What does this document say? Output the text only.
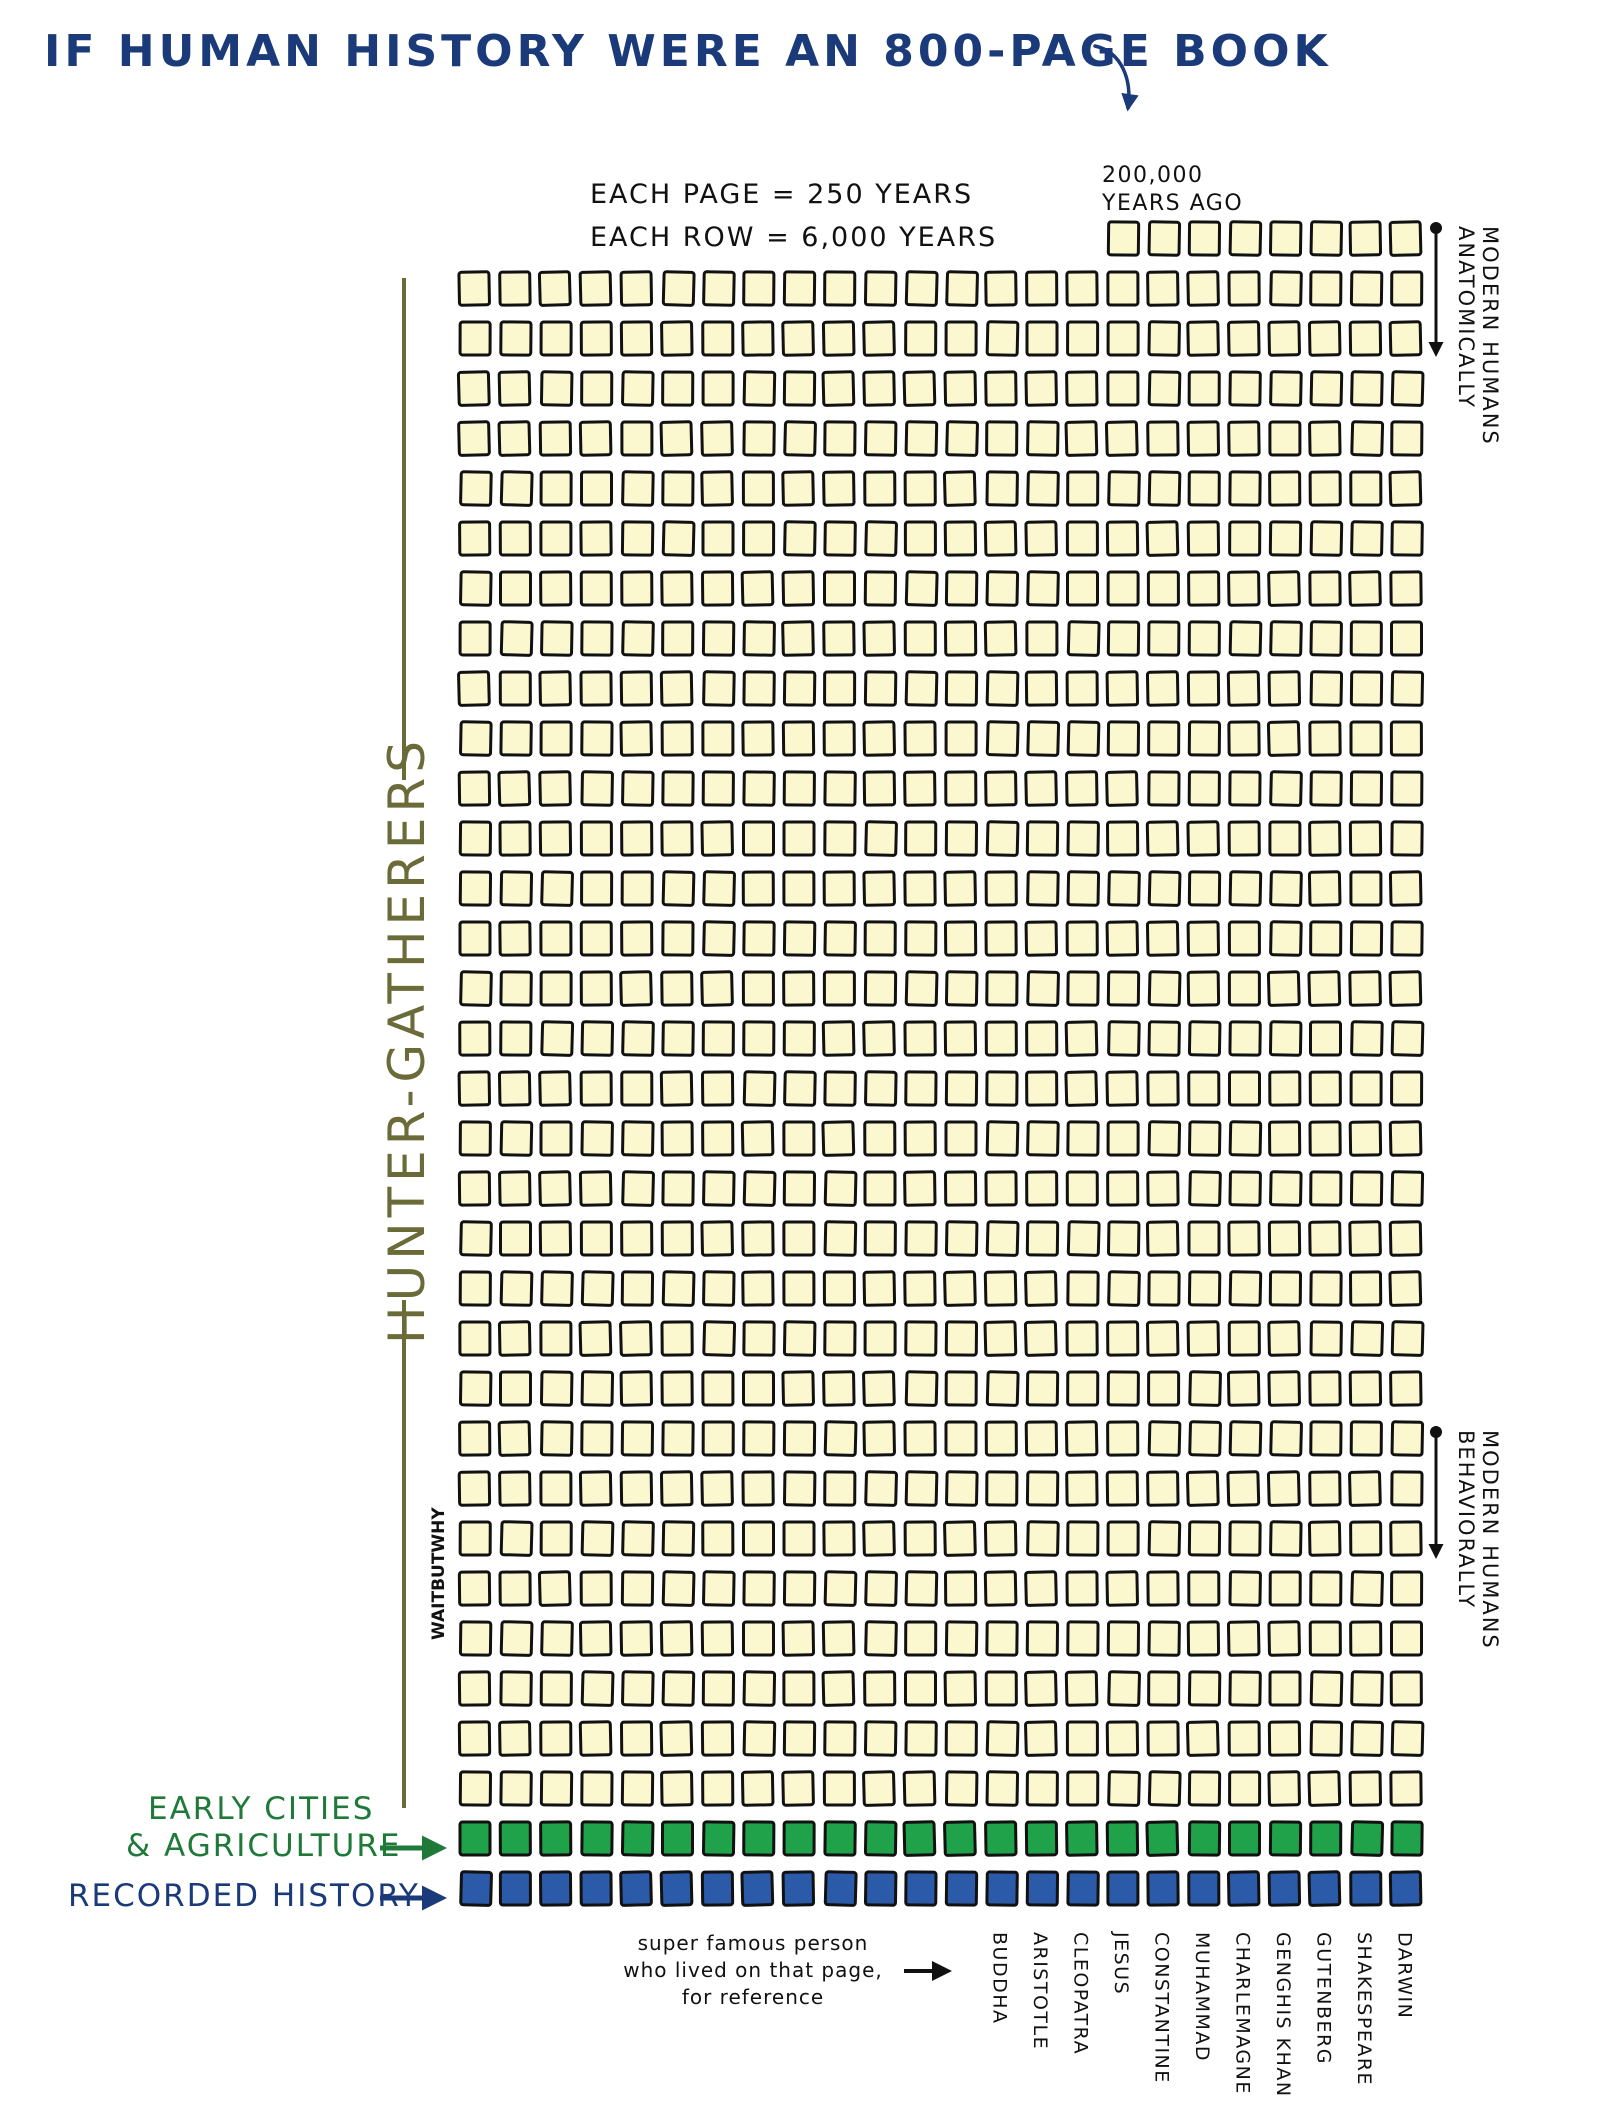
IF HUMAN HISTORY WERE AN 800-PAGE BOOK
EACH PAGE = 250 YEARS
EACH ROW = 6,000 YEARS
200,000
YEARS AGO
ANATOMICALLY MODERN HUMANS
BEHAVIORALLY MODERN HUMANS
HUNTER-GATHERERS
WAITBUTWHY
EARLY CITIES
& AGRICULTURE
RECORDED HISTORY
super famous person
who lived on that page,
for reference	BUDDHA ARISTOTLE CLEOPATRA JESUS CONSTANTINE MUHAMMAD CHARLEMAGNE GENGHIS KHAN GUTENBERG SHAKESPEARE DARWIN
